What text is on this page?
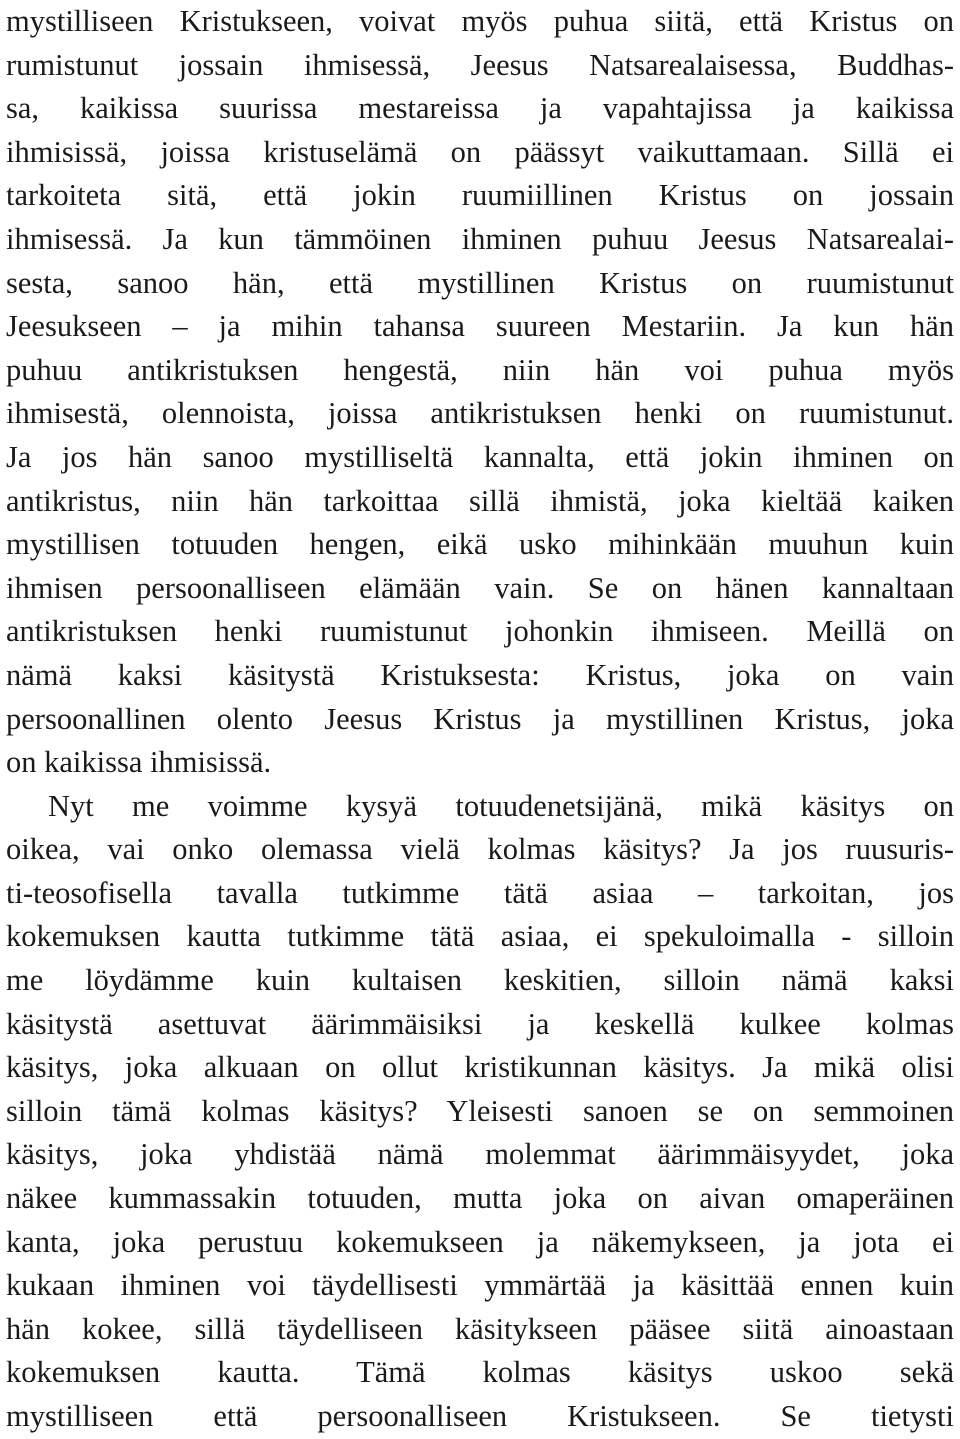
mystilliseen Kristukseen, voivat myös puhua siitä, että Kristus on
rumistunut jossain ihmisessä, Jeesus Natsarealaisessa, Buddhas-
sa, kaikissa suurissa mestareissa ja vapahtajissa ja kaikissa
ihmisissä, joissa kristuselämä on päässyt vaikuttamaan. Sillä ei
tarkoiteta sitä, että jokin ruumiillinen Kristus on jossain
ihmisessä. Ja kun tämmöinen ihminen puhuu Jeesus Natsarealai-
sesta, sanoo hän, että mystillinen Kristus on ruumistunut
Jeesukseen – ja mihin tahansa suureen Mestariin. Ja kun hän
puhuu antikristuksen hengestä, niin hän voi puhua myös
ihmisestä, olennoista, joissa antikristuksen henki on ruumistunut.
Ja jos hän sanoo mystilliseltä kannalta, että jokin ihminen on
antikristus, niin hän tarkoittaa sillä ihmistä, joka kieltää kaiken
mystillisen totuuden hengen, eikä usko mihinkään muuhun kuin
ihmisen persoonalliseen elämään vain. Se on hänen kannaltaan
antikristuksen henki ruumistunut johonkin ihmiseen. Meillä on
nämä kaksi käsitystä Kristuksesta: Kristus, joka on vain
persoonallinen olento Jeesus Kristus ja mystillinen Kristus, joka
on kaikissa ihmisissä.
Nyt me voimme kysyä totuudenetsijänä, mikä käsitys on
oikea, vai onko olemassa vielä kolmas käsitys? Ja jos ruusuris-
ti-teosofisella tavalla tutkimme tätä asiaa – tarkoitan, jos
kokemuksen kautta tutkimme tätä asiaa, ei spekuloimalla - silloin
me löydämme kuin kultaisen keskitien, silloin nämä kaksi
käsitystä asettuvat äärimmäisiksi ja keskellä kulkee kolmas
käsitys, joka alkuaan on ollut kristikunnan käsitys. Ja mikä olisi
silloin tämä kolmas käsitys? Yleisesti sanoen se on semmoinen
käsitys, joka yhdistää nämä molemmat äärimmäisyydet, joka
näkee kummassakin totuuden, mutta joka on aivan omaperäinen
kanta, joka perustuu kokemukseen ja näkemykseen, ja jota ei
kukaan ihminen voi täydellisesti ymmärtää ja käsittää ennen kuin
hän kokee, sillä täydelliseen käsitykseen pääsee siitä ainoastaan
kokemuksen kautta. Tämä kolmas käsitys uskoo sekä
mystilliseen että persoonalliseen Kristukseen. Se tietysti
